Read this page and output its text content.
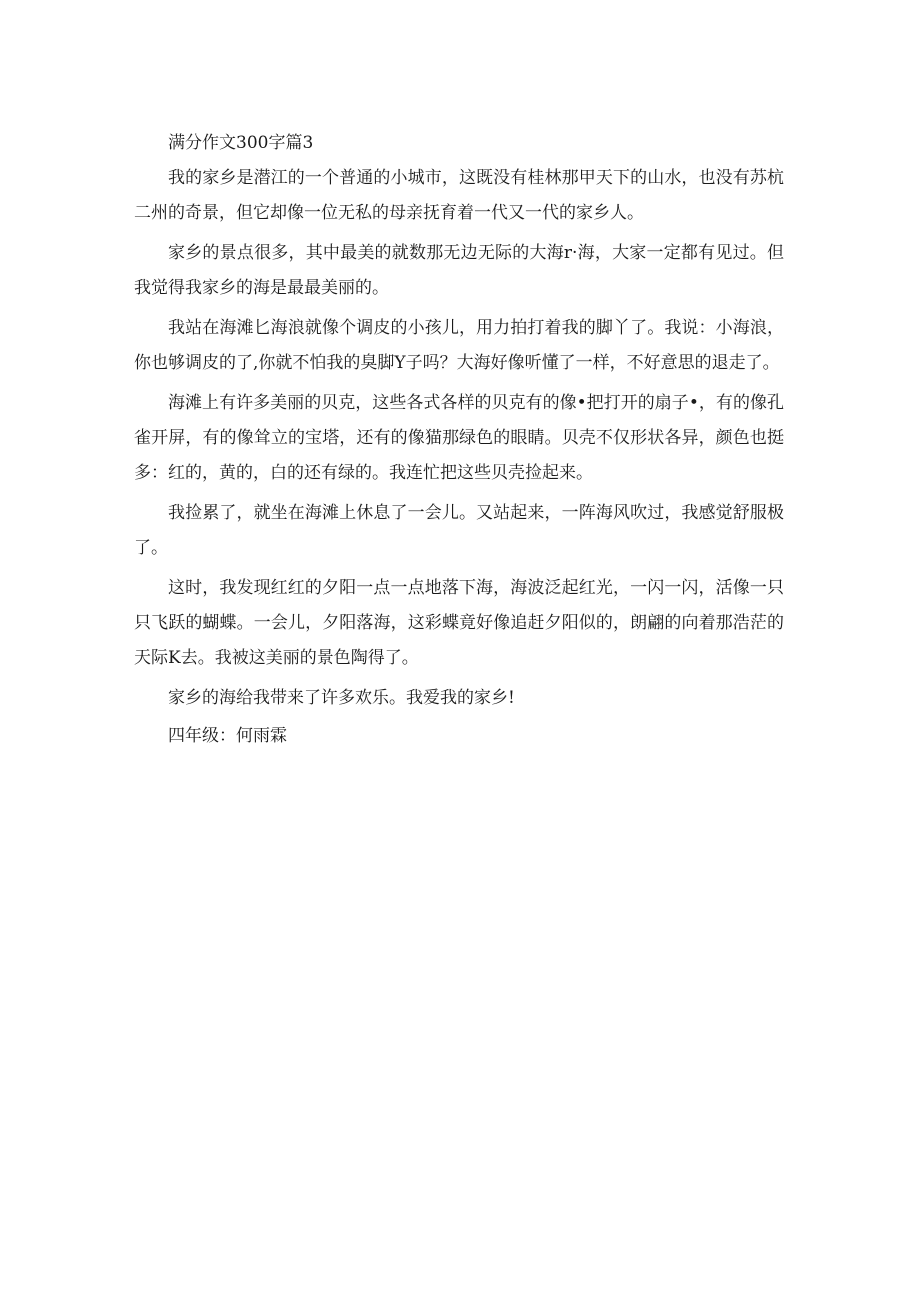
满分作文300字篇3

我的家乡是潜江的一个普通的小城市，这既没有桂林那甲天下的山水，也没有苏杭二州的奇景，但它却像一位无私的母亲抚育着一代又一代的家乡人。

家乡的景点很多，其中最美的就数那无边无际的大海r·海，大家一定都有见过。但我觉得我家乡的海是最最美丽的。

我站在海滩匕海浪就像个调皮的小孩儿，用力拍打着我的脚丫了。我说：小海浪，你也够调皮的了,你就不怕我的臭脚Y子吗？大海好像听懂了一样，不好意思的退走了。

海滩上有许多美丽的贝克，这些各式各样的贝克有的像•把打开的扇子•，有的像孔雀开屏，有的像耸立的宝塔，还有的像猫那绿色的眼睛。贝壳不仅形状各异，颜色也挺多：红的，黄的，白的还有绿的。我连忙把这些贝壳捡起来。

我捡累了，就坐在海滩上休息了一会儿。又站起来，一阵海风吹过，我感觉舒服极了。

这时，我发现红红的夕阳一点一点地落下海，海波泛起红光，一闪一闪，活像一只只飞跃的蝴蝶。一会儿，夕阳落海，这彩蝶竟好像追赶夕阳似的，朗翩的向着那浩茫的天际K去。我被这美丽的景色陶得了。

家乡的海给我带来了许多欢乐。我爱我的家乡!

四年级：何雨霖
